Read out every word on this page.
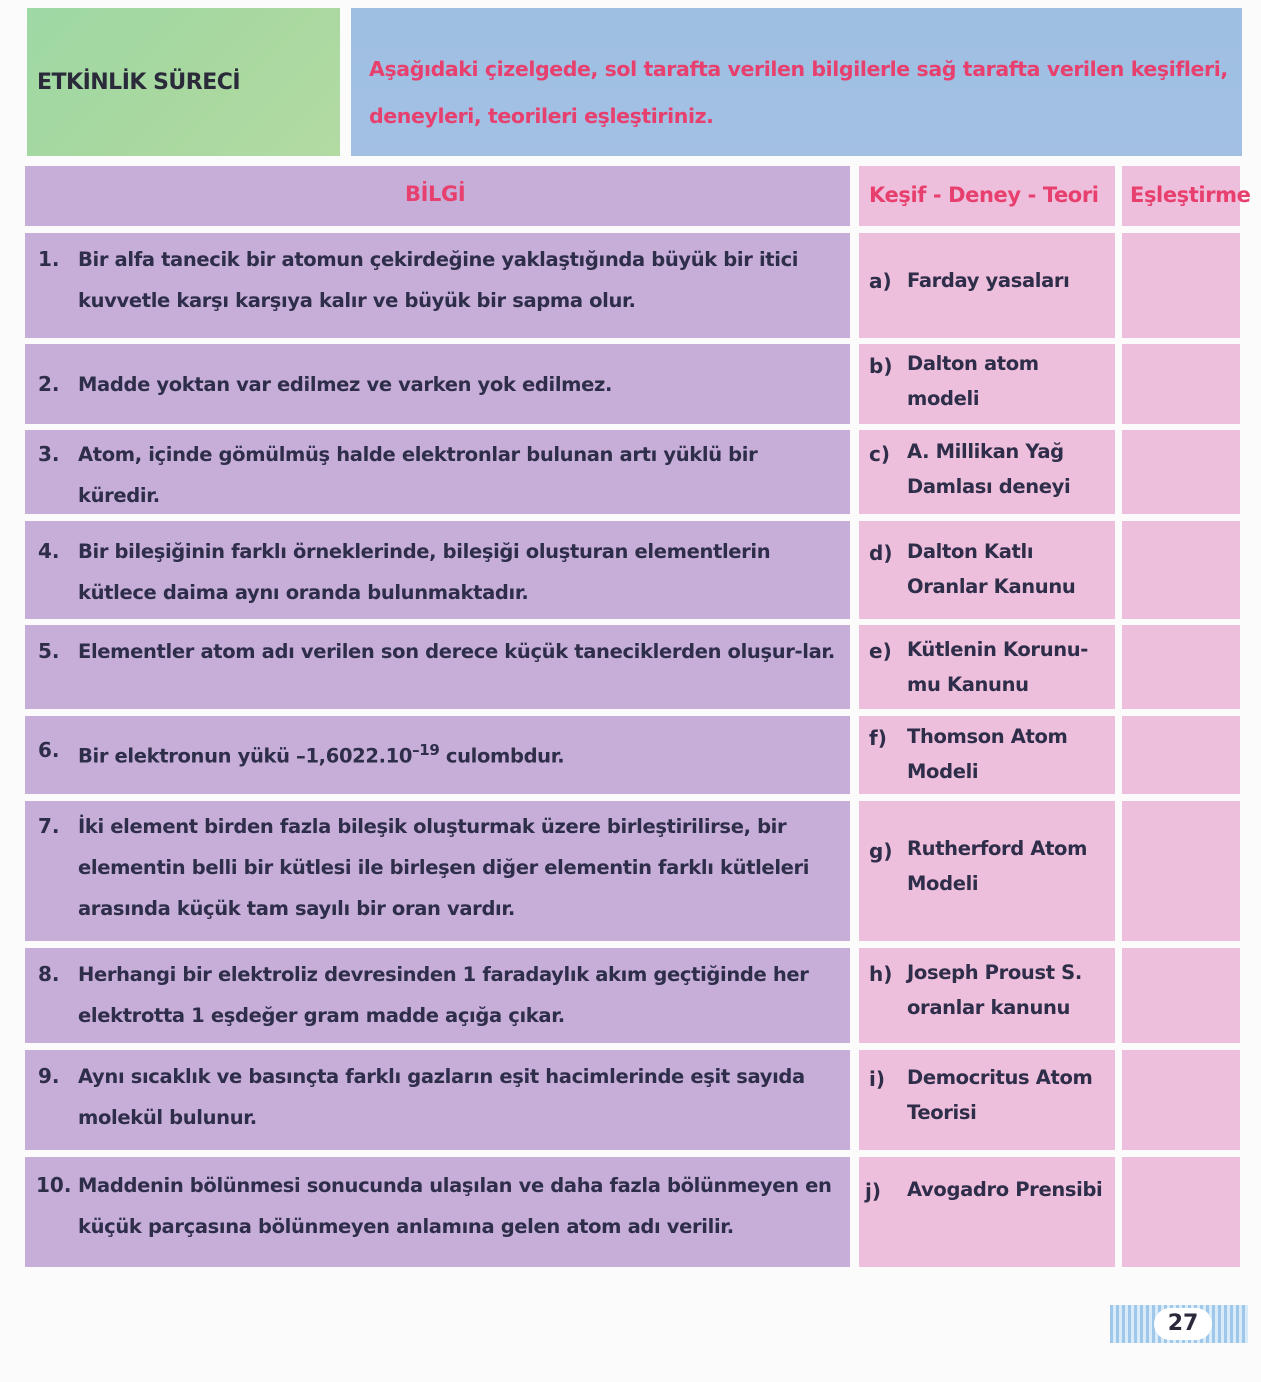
ETKİNLİK SÜRECİ

Aşağıdaki çizelgede, sol tarafta verilen bilgilerle sağ tarafta verilen keşifleri,

deneyleri, teorileri eşleştiriniz.

BİLGİ	Keşif - Deney - Teori Eşleştirme
1. Bir alfa tanecik bir atomun çekirdeğine yaklaştığında büyük bir itici kuvvetle karşı karşıya kalır ve büyük bir sapma olur.

a) Farday yasaları

2. Madde yoktan var edilmez ve varken yok edilmez.

b) Dalton atom modeli

3. Atom, içinde gömülmüş halde elektronlar bulunan artı yüklü bir küredir.

c) A. Millikan Yağ Damlası deneyi

4. Bir bileşiğinin farklı örneklerinde, bileşiği oluşturan elementlerin kütlece daima aynı oranda bulunmaktadır.

d) Dalton Katlı Oranlar Kanunu

5. Elementler atom adı verilen son derece küçük taneciklerden oluşur-lar.	e) Kütlenin Korunu-mu Kanunu

6. Bir elektronun yükü $-1,6022.10^{-19}$ culombdur.

f) Thomson Atom Modeli

7. İki element birden fazla bileşik oluşturmak üzere birleştirilirse, bir elementin belli bir kütlesi ile birleşen diğer elementin farklı kütleleri arasında küçük tam sayılı bir oran vardır.

g) Rutherford Atom Modeli

8. Herhangi bir elektroliz devresinden 1 faradaylık akım geçtiğinde her elektrotta 1 eşdeğer gram madde açığa çıkar.

h) Joseph Proust S. oranlar kanunu

9. Aynı sıcaklık ve basınçta farklı gazların eşit hacimlerinde eşit sayıda molekül bulunur.

i) Democritus Atom Teorisi

10. Maddenin bölünmesi sonucunda ulaşılan ve daha fazla bölünmeyen en küçük parçasına bölünmeyen anlamına gelen atom adı verilir.

j) Avogadro Prensibi

27
